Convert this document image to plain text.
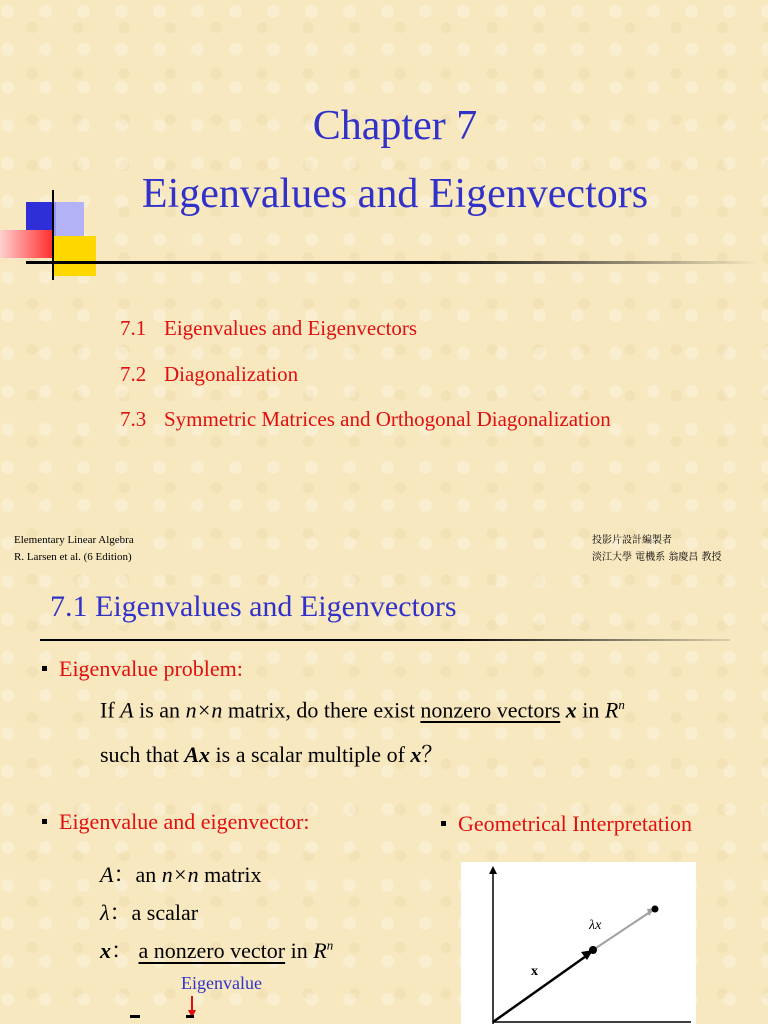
Chapter 7
Eigenvalues and Eigenvectors
7.1 Eigenvalues and Eigenvectors
7.2 Diagonalization
7.3 Symmetric Matrices and Orthogonal Diagonalization
Elementary Linear Algebra
R. Larsen et al. (6 Edition)
投影片設計編製者
淡江大學 電機系 翁慶昌 教授
7.1 Eigenvalues and Eigenvectors
Eigenvalue problem:
If A is an n×n matrix, do there exist nonzero vectors x in $R^n$
such that Ax is a scalar multiple of x？
Eigenvalue and eigenvector:	Geometrical Interpretation
A：an n×n matrix
λ：a scalar
x： a nonzero vector in $R^n$
Eigenvalue
λx
x
